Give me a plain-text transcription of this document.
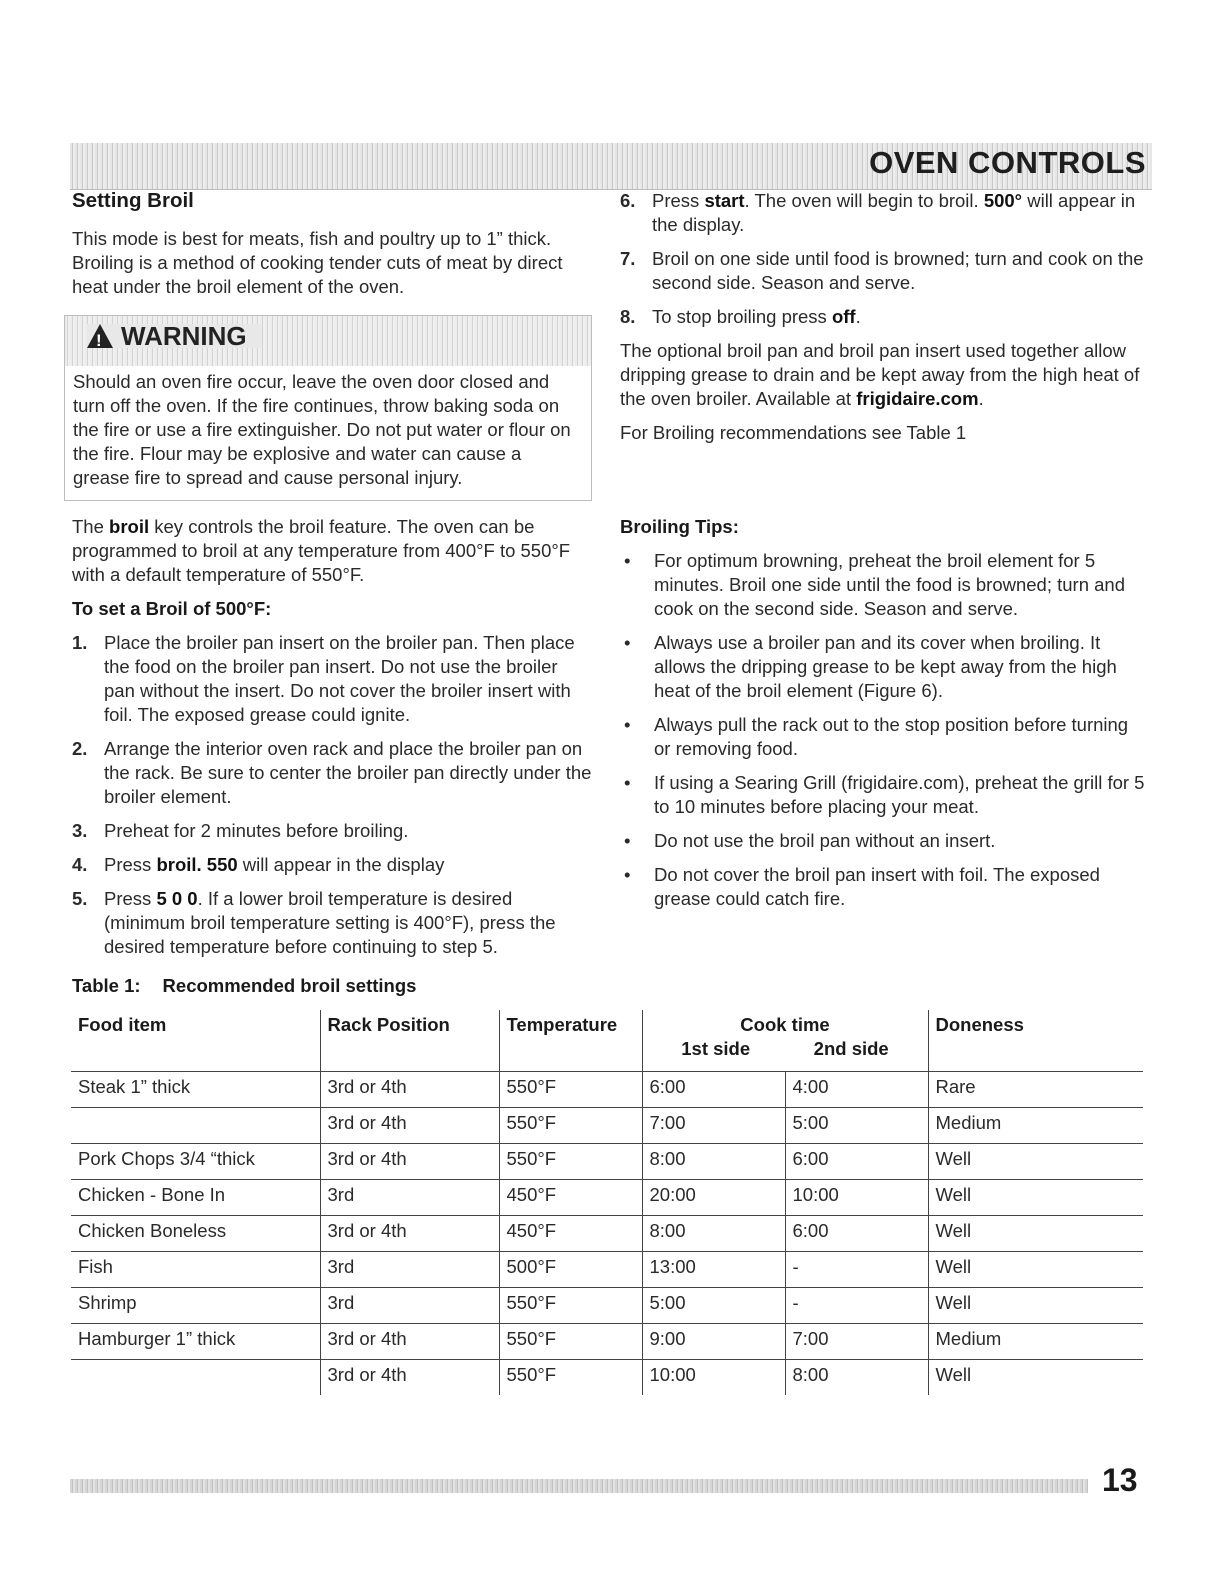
OVEN CONTROLS
Setting Broil

This mode is best for meats, fish and poultry up to 1” thick. Broiling is a method of cooking tender cuts of meat by direct heat under the broil element of the oven.

!
WARNING
Should an oven fire occur, leave the oven door closed and turn off the oven. If the fire continues, throw baking soda on the fire or use a fire extinguisher. Do not put water or flour on the fire. Flour may be explosive and water can cause a grease fire to spread and cause personal injury.

The broil key controls the broil feature. The oven can be programmed to broil at any temperature from 400°F to 550°F with a default temperature of 550°F.

To set a Broil of 500°F:
1. Place the broiler pan insert on the broiler pan. Then place the food on the broiler pan insert. Do not use the broiler pan without the insert. Do not cover the broiler insert with foil. The exposed grease could ignite.
2. Arrange the interior oven rack and place the broiler pan on the rack. Be sure to center the broiler pan directly under the broiler element.
3. Preheat for 2 minutes before broiling.
4. Press broil. 550 will appear in the display
5. Press 5 0 0. If a lower broil temperature is desired (minimum broil temperature setting is 400°F), press the desired temperature before continuing to step 5.
6. Press start. The oven will begin to broil. 500° will appear in the display.
7. Broil on one side until food is browned; turn and cook on the second side. Season and serve.
8. To stop broiling press off.

The optional broil pan and broil pan insert used together allow dripping grease to drain and be kept away from the high heat of the oven broiler. Available at frigidaire.com.

For Broiling recommendations see Table 1

Broiling Tips:
• For optimum browning, preheat the broil element for 5 minutes. Broil one side until the food is browned; turn and cook on the second side. Season and serve.
• Always use a broiler pan and its cover when broiling. It allows the dripping grease to be kept away from the high heat of the broil element (Figure 6).
• Always pull the rack out to the stop position before turning or removing food.
• If using a Searing Grill (frigidaire.com), preheat the grill for 5 to 10 minutes before placing your meat.
• Do not use the broil pan without an insert.
• Do not cover the broil pan insert with foil. The exposed grease could catch fire.
Table 1: Recommended broil settings
Food item	Rack Position	Temperature	Cook time
1st side 2nd side		Doneness
Steak 1” thick	3rd or 4th	550°F	6:00	4:00	Rare
	3rd or 4th	550°F	7:00	5:00	Medium
Pork Chops 3/4 “thick	3rd or 4th	550°F	8:00	6:00	Well
Chicken - Bone In	3rd	450°F	20:00	10:00	Well
Chicken Boneless	3rd or 4th	450°F	8:00	6:00	Well
Fish	3rd	500°F	13:00	-	Well
Shrimp	3rd	550°F	5:00	-	Well
Hamburger 1” thick	3rd or 4th	550°F	9:00	7:00	Medium
	3rd or 4th	550°F	10:00	8:00	Well
13
